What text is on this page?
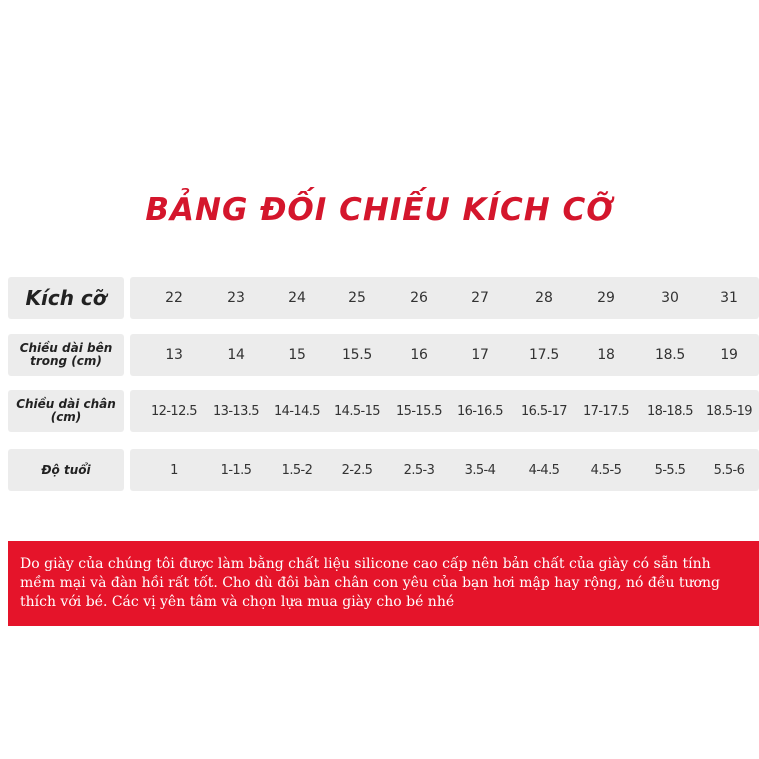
BẢNG ĐỐI CHIẾU KÍCH CỠ
Kích cỡ	22	23	24	25	26	27	28	29	30	31
Chiều dài bên trong (cm)	13	14	15	15.5	16	17	17.5	18	18.5	19
Chiều dài chân (cm)	12-12.5	13-13.5	14-14.5	14.5-15	15-15.5	16-16.5	16.5-17	17-17.5	18-18.5	18.5-19
Độ tuổi	1	1-1.5	1.5-2	2-2.5	2.5-3	3.5-4	4-4.5	4.5-5	5-5.5	5.5-6

Do giày của chúng tôi được làm bằng chất liệu silicone cao cấp nên bản chất của giày có sẵn tính mềm mại và đàn hồi rất tốt. Cho dù đôi bàn chân con yêu của bạn hơi mập hay rộng, nó đều tương thích với bé. Các vị yên tâm và chọn lựa mua giày cho bé nhé
